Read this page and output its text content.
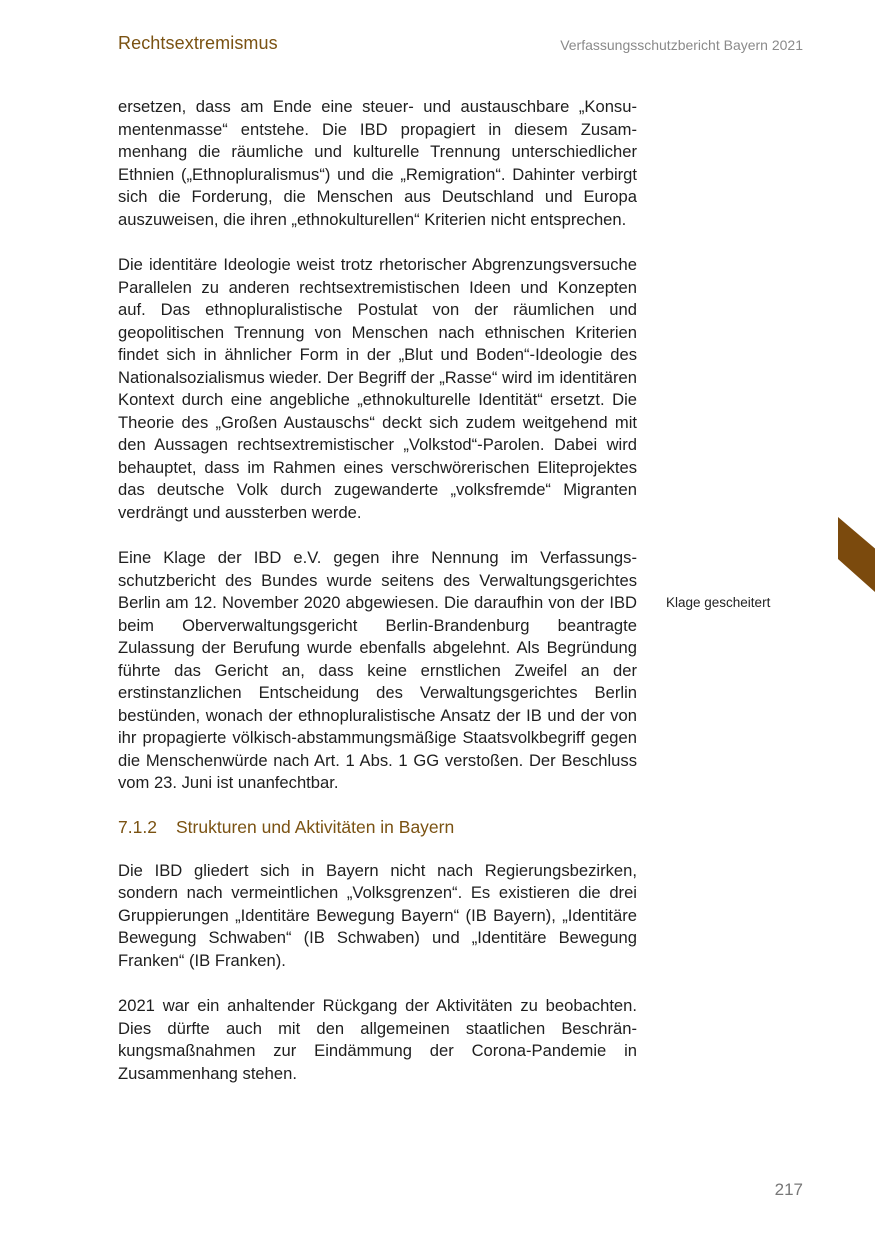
Rechtsextremismus	Verfassungsschutzbericht Bayern 2021

ersetzen, dass am Ende eine steuer- und austauschbare „Konsumentenmasse“ entstehe. Die IBD propagiert in diesem Zusammenhang die räumliche und kulturelle Trennung unterschiedlicher Ethnien („Ethnopluralismus“) und die „Remigration“. Dahinter verbirgt sich die Forderung, die Menschen aus Deutschland und Europa auszuweisen, die ihren „ethnokulturellen“ Kriterien nicht entsprechen.

Die identitäre Ideologie weist trotz rhetorischer Abgrenzungsversuche Parallelen zu anderen rechtsextremistischen Ideen und Konzepten auf. Das ethnopluralistische Postulat von der räumlichen und geopolitischen Trennung von Menschen nach ethnischen Kriterien findet sich in ähnlicher Form in der „Blut und Boden“-Ideologie des Nationalsozialismus wieder. Der Begriff der „Rasse“ wird im identitären Kontext durch eine angebliche „ethnokulturelle Identität“ ersetzt. Die Theorie des „Großen Austauschs“ deckt sich zudem weitgehend mit den Aussagen rechtsextremistischer „Volkstod“-Parolen. Dabei wird behauptet, dass im Rahmen eines verschwörerischen Eliteprojektes das deutsche Volk durch zugewanderte „volksfremde“ Migranten verdrängt und aussterben werde.

Eine Klage der IBD e.V. gegen ihre Nennung im Verfassungsschutzbericht des Bundes wurde seitens des Verwaltungsgerichtes Berlin am 12. November 2020 abgewiesen. Die daraufhin von der IBD beim Oberverwaltungsgericht Berlin-Brandenburg beantragte Zulassung der Berufung wurde ebenfalls abgelehnt. Als Begründung führte das Gericht an, dass keine ernstlichen Zweifel an der erstinstanzlichen Entscheidung des Verwaltungsgerichtes Berlin bestünden, wonach der ethnopluralistische Ansatz der IB und der von ihr propagierte völkisch-abstammungsmäßige Staatsvolkbegriff gegen die Menschenwürde nach Art. 1 Abs. 1 GG verstoßen. Der Beschluss vom 23. Juni ist unanfechtbar.

7.1.2	Strukturen und Aktivitäten in Bayern

Die IBD gliedert sich in Bayern nicht nach Regierungsbezirken, sondern nach vermeintlichen „Volksgrenzen“. Es existieren die drei Gruppierungen „Identitäre Bewegung Bayern“ (IB Bayern), „Identitäre Bewegung Schwaben“ (IB Schwaben) und „Identitäre Bewegung Franken“ (IB Franken).

2021 war ein anhaltender Rückgang der Aktivitäten zu beobachten. Dies dürfte auch mit den allgemeinen staatlichen Beschränkungsmaßnahmen zur Eindämmung der Corona-Pandemie in Zusammenhang stehen.

Klage gescheitert
217
